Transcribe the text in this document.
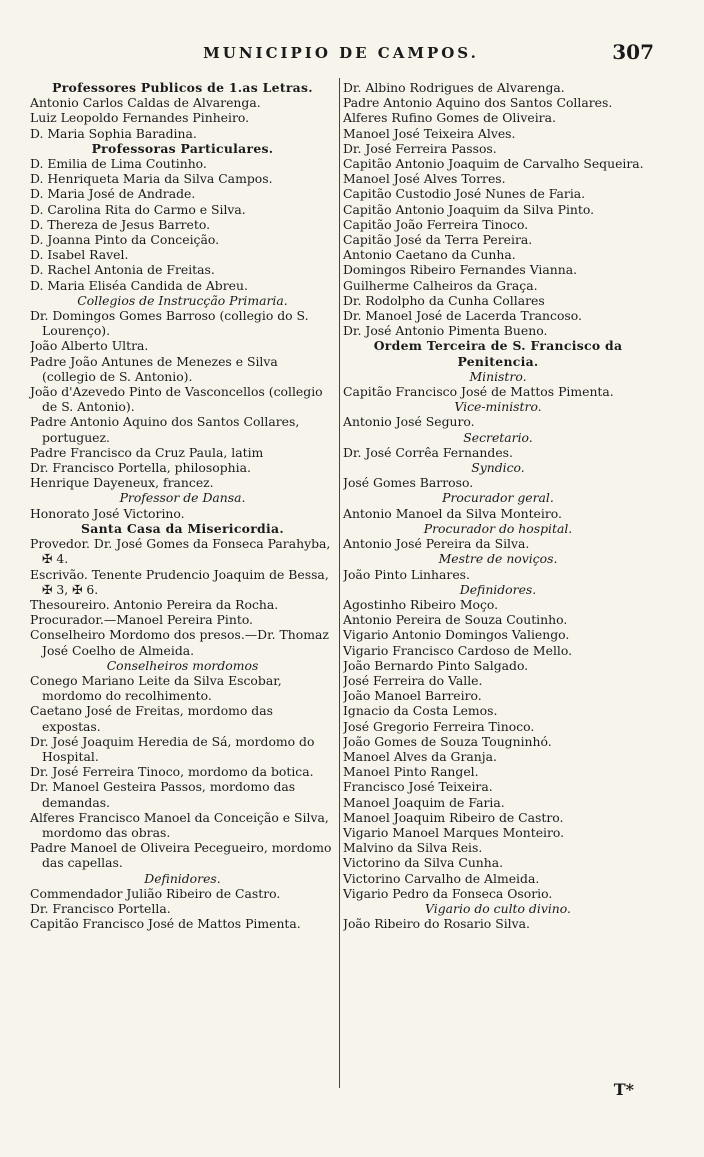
MUNICIPIO DE CAMPOS.	307
Professores Publicos de 1.as Letras.
Antonio Carlos Caldas de Alvarenga.
Luiz Leopoldo Fernandes Pinheiro.
D. Maria Sophia Baradina.
Professoras Particulares.
D. Emilia de Lima Coutinho.
D. Henriqueta Maria da Silva Campos.
D. Maria José de Andrade.
D. Carolina Rita do Carmo e Silva.
D. Thereza de Jesus Barreto.
D. Joanna Pinto da Conceição.
D. Isabel Ravel.
D. Rachel Antonia de Freitas.
D. Maria Eliséa Candida de Abreu.
Collegios de Instrucção Primaria.
Dr. Domingos Gomes Barroso (collegio do S. Lourenço).
João Alberto Ultra.
Padre João Antunes de Menezes e Silva (collegio de S. Antonio).
João d'Azevedo Pinto de Vasconcellos (collegio de S. Antonio).
Padre Antonio Aquino dos Santos Collares, portuguez.
Padre Francisco da Cruz Paula, latim
Dr. Francisco Portella, philosophia.
Henrique Dayeneux, francez.
Professor de Dansa.
Honorato José Victorino.
Santa Casa da Misericordia.
Provedor. Dr. José Gomes da Fonseca Parahyba, ✠ 4.
Escrivão. Tenente Prudencio Joaquim de Bessa, ✠ 3, ✠ 6.
Thesoureiro. Antonio Pereira da Rocha.
Procurador.—Manoel Pereira Pinto.
Conselheiro Mordomo dos presos.—Dr. Thomaz José Coelho de Almeida.
Conselheiros mordomos
Conego Mariano Leite da Silva Escobar, mordomo do recolhimento.
Caetano José de Freitas, mordomo das expostas.
Dr. José Joaquim Heredia de Sá, mordomo do Hospital.
Dr. José Ferreira Tinoco, mordomo da botica.
Dr. Manoel Gesteira Passos, mordomo das demandas.
Alferes Francisco Manoel da Conceição e Silva, mordomo das obras.
Padre Manoel de Oliveira Pecegueiro, mordomo das capellas.
Definidores.
Commendador Julião Ribeiro de Castro.
Dr. Francisco Portella.
Capitão Francisco José de Mattos Pimenta.
Dr. Albino Rodrigues de Alvarenga.
Padre Antonio Aquino dos Santos Collares.
Alferes Rufino Gomes de Oliveira.
Manoel José Teixeira Alves.
Dr. José Ferreira Passos.
Capitão Antonio Joaquim de Carvalho Sequeira.
Manoel José Alves Torres.
Capitão Custodio José Nunes de Faria.
Capitão Antonio Joaquim da Silva Pinto.
Capitão João Ferreira Tinoco.
Capitão José da Terra Pereira.
Antonio Caetano da Cunha.
Domingos Ribeiro Fernandes Vianna.
Guilherme Calheiros da Graça.
Dr. Rodolpho da Cunha Collares
Dr. Manoel José de Lacerda Trancoso.
Dr. José Antonio Pimenta Bueno.
Ordem Terceira de S. Francisco da Penitencia.
Ministro.
Capitão Francisco José de Mattos Pimenta.
Vice-ministro.
Antonio José Seguro.
Secretario.
Dr. José Corrêa Fernandes.
Syndico.
José Gomes Barroso.
Procurador geral.
Antonio Manoel da Silva Monteiro.
Procurador do hospital.
Antonio José Pereira da Silva.
Mestre de noviços.
João Pinto Linhares.
Definidores.
Agostinho Ribeiro Moço.
Antonio Pereira de Souza Coutinho.
Vigario Antonio Domingos Valiengo.
Vigario Francisco Cardoso de Mello.
João Bernardo Pinto Salgado.
José Ferreira do Valle.
João Manoel Barreiro.
Ignacio da Costa Lemos.
José Gregorio Ferreira Tinoco.
João Gomes de Souza Tougninhó.
Manoel Alves da Granja.
Manoel Pinto Rangel.
Francisco José Teixeira.
Manoel Joaquim de Faria.
Manoel Joaquim Ribeiro de Castro.
Vigario Manoel Marques Monteiro.
Malvino da Silva Reis.
Victorino da Silva Cunha.
Victorino Carvalho de Almeida.
Vigario Pedro da Fonseca Osorio.
Vigario do culto divino.
João Ribeiro do Rosario Silva.
T*
